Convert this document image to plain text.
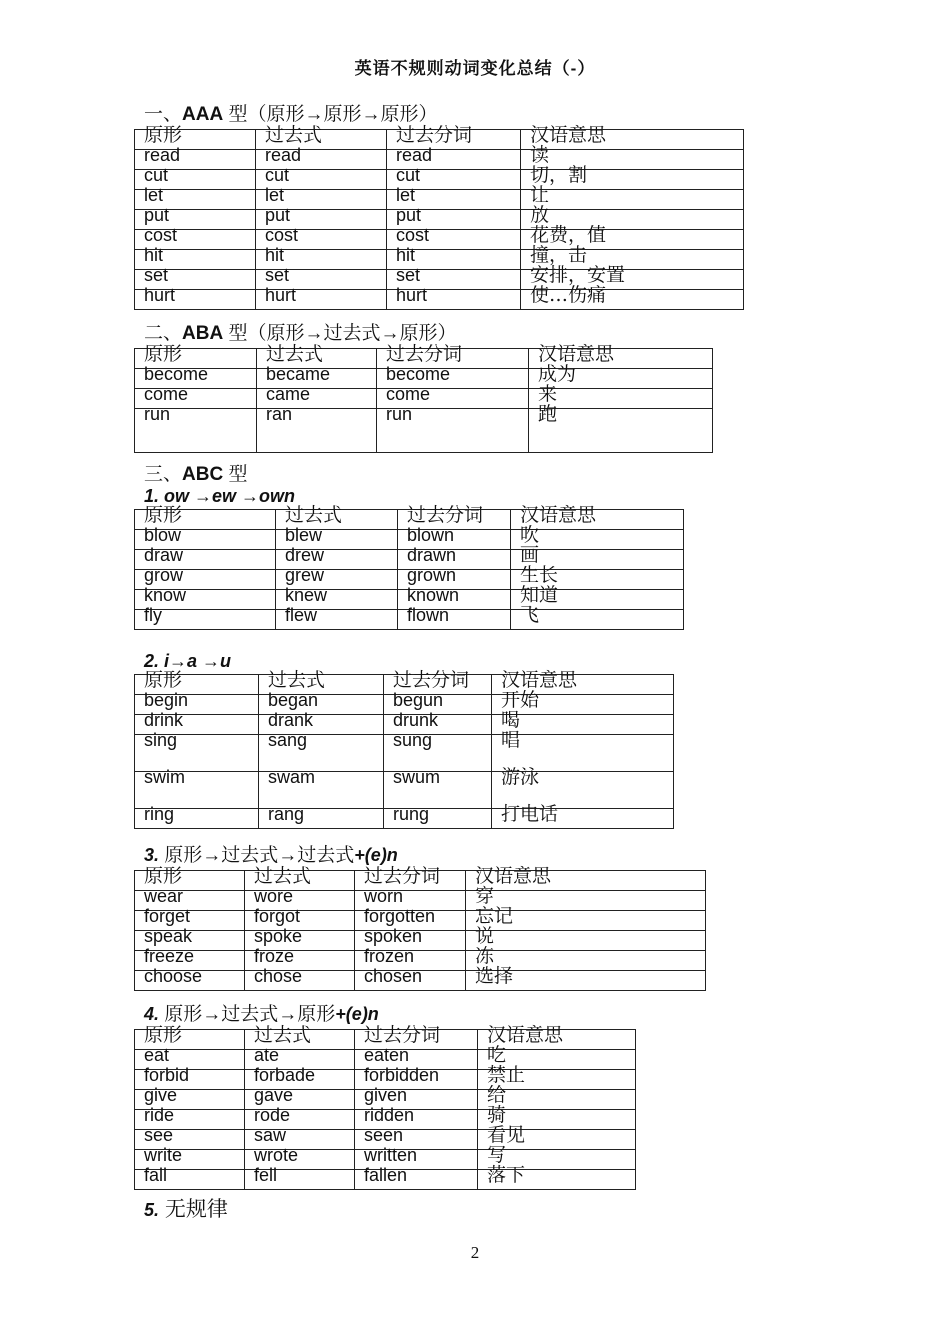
英语不规则动词变化总结（-）
一、AAA 型（原形→原形→原形）
原形	过去式	过去分词	汉语意思
read	read	read	读
cut	cut	cut	切，割
let	let	let	让
put	put	put	放
cost	cost	cost	花费，值
hit	hit	hit	撞，击
set	set	set	安排，安置
hurt	hurt	hurt	使…伤痛
二、ABA 型（原形→过去式→原形）
原形	过去式	过去分词	汉语意思
become	became	become	成为
come	came	come	来
run	ran	run	跑
三、ABC 型
1. ow →ew →own
原形	过去式	过去分词	汉语意思
blow	blew	blown	吹
draw	drew	drawn	画
grow	grew	grown	生长
know	knew	known	知道
fly	flew	flown	飞
2. i→a →u
原形	过去式	过去分词	汉语意思
begin	began	begun	开始
drink	drank	drunk	喝
sing	sang	sung	唱
swim	swam	swum	游泳
ring	rang	rung	打电话
3. 原形→过去式→过去式+(e)n
原形	过去式	过去分词	汉语意思
wear	wore	worn	穿
forget	forgot	forgotten	忘记
speak	spoke	spoken	说
freeze	froze	frozen	冻
choose	chose	chosen	选择
4. 原形→过去式→原形+(e)n
原形	过去式	过去分词	汉语意思
eat	ate	eaten	吃
forbid	forbade	forbidden	禁止
give	gave	given	给
ride	rode	ridden	骑
see	saw	seen	看见
write	wrote	written	写
fall	fell	fallen	落下
5. 无规律
2
